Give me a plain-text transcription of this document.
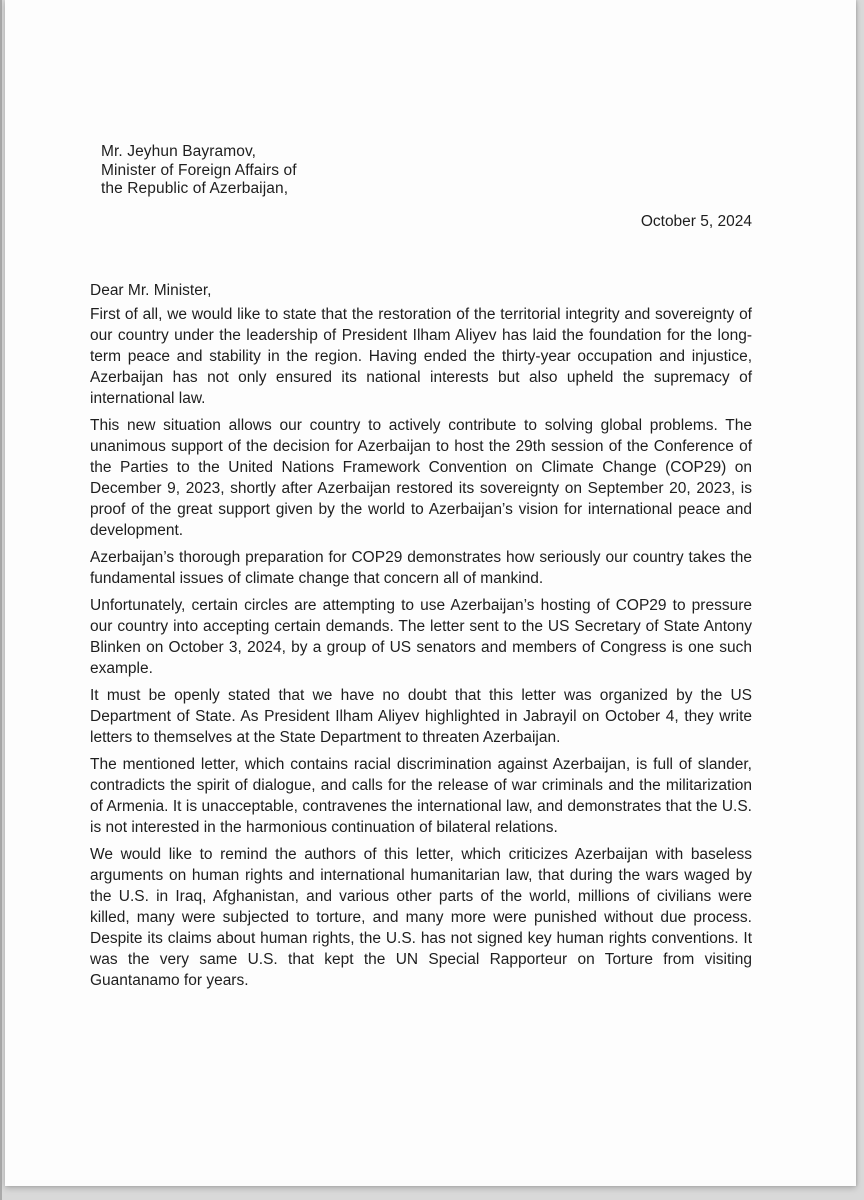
Mr. Jeyhun Bayramov,
Minister of Foreign Affairs of
the Republic of Azerbaijan,
October 5, 2024

Dear Mr. Minister,

First of all, we would like to state that the restoration of the territorial integrity and sovereignty of our country under the leadership of President Ilham Aliyev has laid the foundation for the long-term peace and stability in the region. Having ended the thirty-year occupation and injustice, Azerbaijan has not only ensured its national interests but also upheld the supremacy of international law.

This new situation allows our country to actively contribute to solving global problems. The unanimous support of the decision for Azerbaijan to host the 29th session of the Conference of the Parties to the United Nations Framework Convention on Climate Change (COP29) on December 9, 2023, shortly after Azerbaijan restored its sovereignty on September 20, 2023, is proof of the great support given by the world to Azerbaijan’s vision for international peace and development.

Azerbaijan’s thorough preparation for COP29 demonstrates how seriously our country takes the fundamental issues of climate change that concern all of mankind.

Unfortunately, certain circles are attempting to use Azerbaijan’s hosting of COP29 to pressure our country into accepting certain demands. The letter sent to the US Secretary of State Antony Blinken on October 3, 2024, by a group of US senators and members of Congress is one such example.

It must be openly stated that we have no doubt that this letter was organized by the US Department of State. As President Ilham Aliyev highlighted in Jabrayil on October 4, they write letters to themselves at the State Department to threaten Azerbaijan.

The mentioned letter, which contains racial discrimination against Azerbaijan, is full of slander, contradicts the spirit of dialogue, and calls for the release of war criminals and the militarization of Armenia. It is unacceptable, contravenes the international law, and demonstrates that the U.S. is not interested in the harmonious continuation of bilateral relations.

We would like to remind the authors of this letter, which criticizes Azerbaijan with baseless arguments on human rights and international humanitarian law, that during the wars waged by the U.S. in Iraq, Afghanistan, and various other parts of the world, millions of civilians were killed, many were subjected to torture, and many more were punished without due process. Despite its claims about human rights, the U.S. has not signed key human rights conventions. It was the very same U.S. that kept the UN Special Rapporteur on Torture from visiting Guantanamo for years.
